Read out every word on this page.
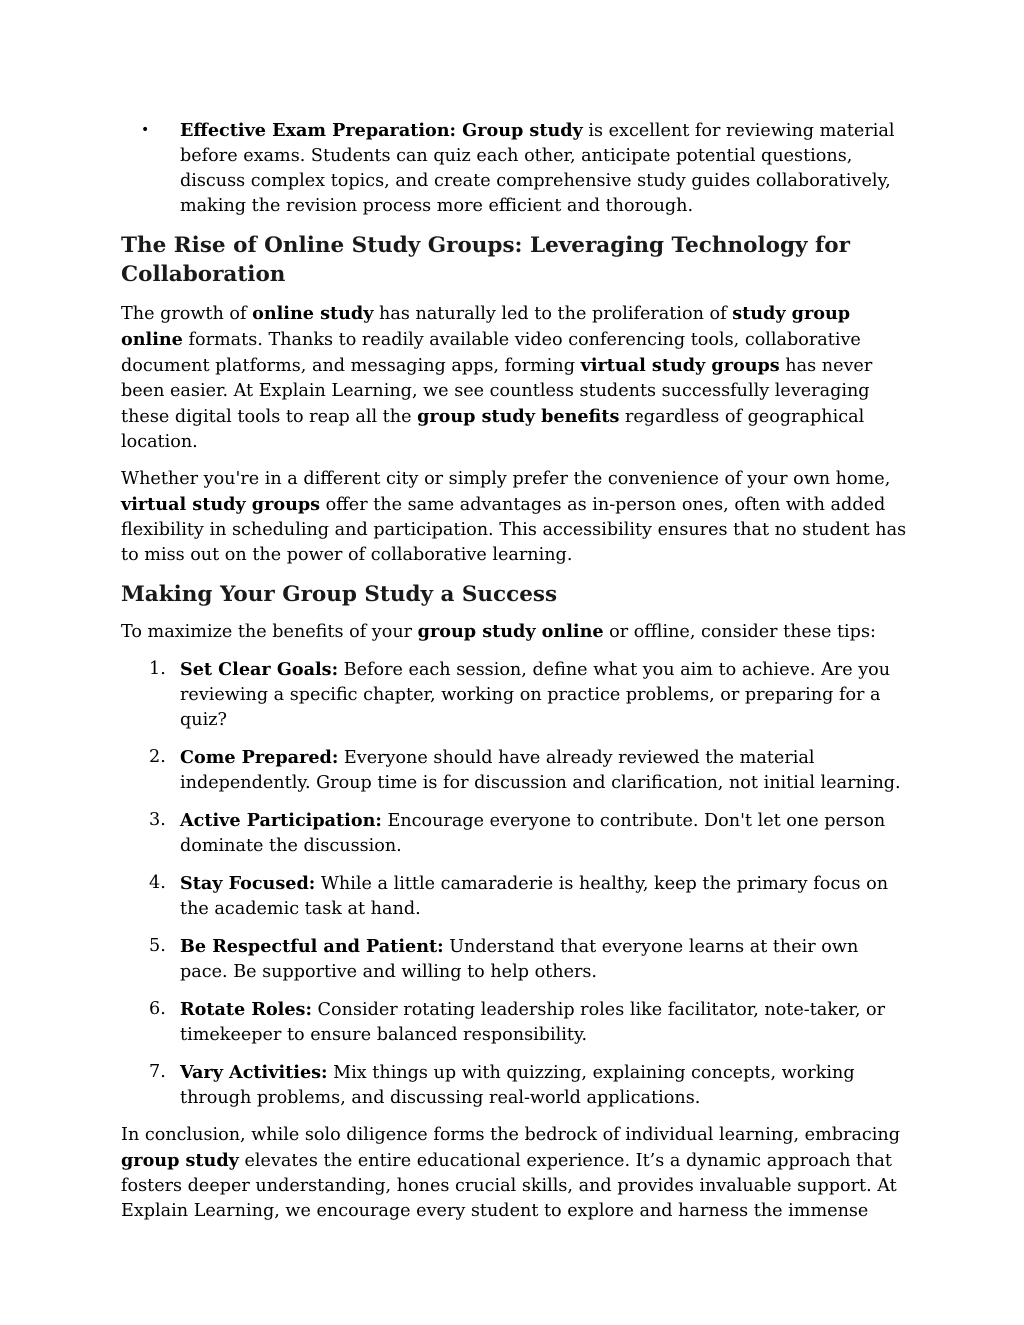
• Effective Exam Preparation: Group study is excellent for reviewing material before exams. Students can quiz each other, anticipate potential questions, discuss complex topics, and create comprehensive study guides collaboratively, making the revision process more efficient and thorough.
The Rise of Online Study Groups: Leveraging Technology for Collaboration

The growth of online study has naturally led to the proliferation of study group online formats. Thanks to readily available video conferencing tools, collaborative document platforms, and messaging apps, forming virtual study groups has never been easier. At Explain Learning, we see countless students successfully leveraging these digital tools to reap all the group study benefits regardless of geographical location.

Whether you're in a different city or simply prefer the convenience of your own home, virtual study groups offer the same advantages as in-person ones, often with added flexibility in scheduling and participation. This accessibility ensures that no student has to miss out on the power of collaborative learning.

Making Your Group Study a Success

To maximize the benefits of your group study online or offline, consider these tips:

1. Set Clear Goals: Before each session, define what you aim to achieve. Are you reviewing a specific chapter, working on practice problems, or preparing for a quiz?
2. Come Prepared: Everyone should have already reviewed the material independently. Group time is for discussion and clarification, not initial learning.
3. Active Participation: Encourage everyone to contribute. Don't let one person dominate the discussion.
4. Stay Focused: While a little camaraderie is healthy, keep the primary focus on the academic task at hand.
5. Be Respectful and Patient: Understand that everyone learns at their own pace. Be supportive and willing to help others.
6. Rotate Roles: Consider rotating leadership roles like facilitator, note-taker, or timekeeper to ensure balanced responsibility.
7. Vary Activities: Mix things up with quizzing, explaining concepts, working through problems, and discussing real-world applications.

In conclusion, while solo diligence forms the bedrock of individual learning, embracing group study elevates the entire educational experience. It’s a dynamic approach that fosters deeper understanding, hones crucial skills, and provides invaluable support. At Explain Learning, we encourage every student to explore and harness the immense
